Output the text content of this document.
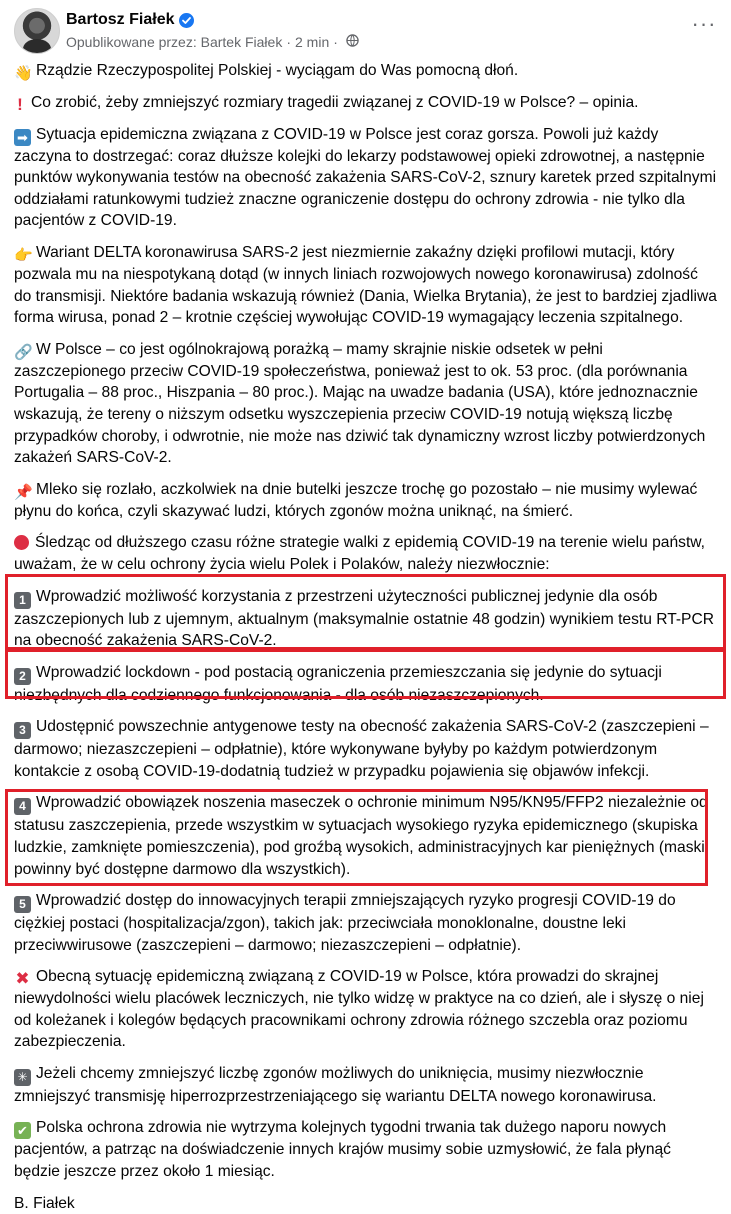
Bartosz Fiałek
Opublikowane przez: Bartek Fiałek · 2 min ·
···

👋 Rządzie Rzeczypospolitej Polskiej - wyciągam do Was pomocną dłoń.

! Co zrobić, żeby zmniejszyć rozmiary tragedii związanej z COVID-19 w Polsce? – opinia.

➡ Sytuacja epidemiczna związana z COVID-19 w Polsce jest coraz gorsza. Powoli już każdy zaczyna to dostrzegać: coraz dłuższe kolejki do lekarzy podstawowej opieki zdrowotnej, a następnie punktów wykonywania testów na obecność zakażenia SARS-CoV-2, sznury karetek przed szpitalnymi oddziałami ratunkowymi tudzież znaczne ograniczenie dostępu do ochrony zdrowia - nie tylko dla pacjentów z COVID-19.

👉 Wariant DELTA koronawirusa SARS-2 jest niezmiernie zakaźny dzięki profilowi mutacji, który pozwala mu na niespotykaną dotąd (w innych liniach rozwojowych nowego koronawirusa) zdolność do transmisji. Niektóre badania wskazują również (Dania, Wielka Brytania), że jest to bardziej zjadliwa forma wirusa, ponad 2 – krotnie częściej wywołując COVID-19 wymagający leczenia szpitalnego.

🔗 W Polsce – co jest ogólnokrajową porażką – mamy skrajnie niskie odsetek w pełni zaszczepionego przeciw COVID-19 społeczeństwa, ponieważ jest to ok. 53 proc. (dla porównania Portugalia – 88 proc., Hiszpania – 80 proc.). Mając na uwadze badania (USA), które jednoznacznie wskazują, że tereny o niższym odsetku wyszczepienia przeciw COVID-19 notują większą liczbę przypadków choroby, i odwrotnie, nie może nas dziwić tak dynamiczny wzrost liczby potwierdzonych zakażeń SARS-CoV-2.

📌 Mleko się rozlało, aczkolwiek na dnie butelki jeszcze trochę go pozostało – nie musimy wylewać płynu do końca, czyli skazywać ludzi, których zgonów można uniknąć, na śmierć.

Śledząc od dłuższego czasu różne strategie walki z epidemią COVID-19 na terenie wielu państw, uważam, że w celu ochrony życia wielu Polek i Polaków, należy niezwłocznie:

1 Wprowadzić możliwość korzystania z przestrzeni użyteczności publicznej jedynie dla osób zaszczepionych lub z ujemnym, aktualnym (maksymalnie ostatnie 48 godzin) wynikiem testu RT-PCR na obecność zakażenia SARS-CoV-2.

2 Wprowadzić lockdown - pod postacią ograniczenia przemieszczania się jedynie do sytuacji niezbędnych dla codziennego funkcjonowania - dla osób niezaszczepionych.

3 Udostępnić powszechnie antygenowe testy na obecność zakażenia SARS-CoV-2 (zaszczepieni – darmowo; niezaszczepieni – odpłatnie), które wykonywane byłyby po każdym potwierdzonym kontakcie z osobą COVID-19-dodatnią tudzież w przypadku pojawienia się objawów infekcji.

4 Wprowadzić obowiązek noszenia maseczek o ochronie minimum N95/KN95/FFP2 niezależnie od statusu zaszczepienia, przede wszystkim w sytuacjach wysokiego ryzyka epidemicznego (skupiska ludzkie, zamknięte pomieszczenia), pod groźbą wysokich, administracyjnych kar pieniężnych (maski powinny być dostępne darmowo dla wszystkich).

5 Wprowadzić dostęp do innowacyjnych terapii zmniejszających ryzyko progresji COVID-19 do ciężkiej postaci (hospitalizacja/zgon), takich jak: przeciwciała monoklonalne, doustne leki przeciwwirusowe (zaszczepieni – darmowo; niezaszczepieni – odpłatnie).

✖ Obecną sytuację epidemiczną związaną z COVID-19 w Polsce, która prowadzi do skrajnej niewydolności wielu placówek leczniczych, nie tylko widzę w praktyce na co dzień, ale i słyszę o niej od koleżanek i kolegów będących pracownikami ochrony zdrowia różnego szczebla oraz poziomu zabezpieczenia.

✳ Jeżeli chcemy zmniejszyć liczbę zgonów możliwych do uniknięcia, musimy niezwłocznie zmniejszyć transmisję hiperrozprzestrzeniającego się wariantu DELTA nowego koronawirusa.

✔ Polska ochrona zdrowia nie wytrzyma kolejnych tygodni trwania tak dużego naporu nowych pacjentów, a patrząc na doświadczenie innych krajów musimy sobie uzmysłowić, że fala płynąć będzie jeszcze przez około 1 miesiąc.

B. Fiałek
